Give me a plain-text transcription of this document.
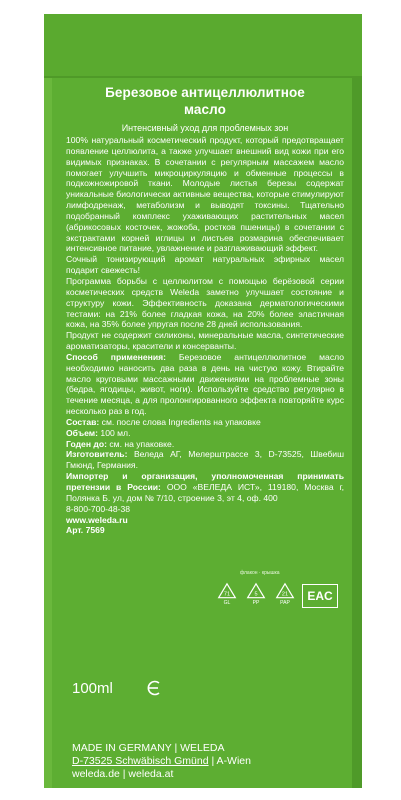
Березовое антицеллюлитное
масло
Интенсивный уход для проблемных зон

100% натуральный косметический продукт, который предотвращает появление целлюлита, а также улучшает внешний вид кожи при его видимых признаках. В сочетании с регулярным массажем масло помогает улучшить микроциркуляцию и обменные процессы в подкожножировой ткани. Молодые листья березы содержат уникальные биологически активные вещества, которые стимулируют лимфодренаж, метаболизм и выводят токсины. Тщательно подобранный комплекс ухаживающих растительных масел (абрикосовых косточек, жожоба, ростков пшеницы) в сочетании с экстрактами корней иглицы и листьев розмарина обеспечивает интенсивное питание, увлажнение и разглаживающий эффект.

Сочный тонизирующий аромат натуральных эфирных масел подарит свежесть!

Программа борьбы с целлюлитом с помощью берёзовой серии косметических средств Weleda заметно улучшает состояние и структуру кожи. Эффективность доказана дерматологическими тестами: на 21% более гладкая кожа, на 20% более эластичная кожа, на 35% более упругая после 28 дней использования.

Продукт не содержит силиконы, минеральные масла, синтетические ароматизаторы, красители и консерванты.

Способ применения: Березовое антицеллюлитное масло необходимо наносить два раза в день на чистую кожу. Втирайте масло круговыми массажными движениями на проблемные зоны (бедра, ягодицы, живот, ноги). Используйте средство регулярно в течение месяца, а для пролонгированного эффекта повторяйте курс несколько раз в год.

Состав: см. после слова Ingredients на упаковке

Объем: 100 мл.

Годен до: см. на упаковке.

Изготовитель: Веледа АГ, Мелерштрассе 3, D-73525, Швебиш Гмюнд, Германия.

Импортер и организация, уполномоченная принимать претензии в России: ООО «ВЕЛЕДА ИСТ», 119180, Москва г, Полянка Б. ул, дом № 7/10, строение 3, эт 4, оф. 400

8-800-700-48-38

www.weleda.ru

Арт. 7569

флакон · крышка
71
GL
5
PP
21
PAP
EAC
100ml
MADE IN GERMANY | WELEDA
D-73525 Schwäbisch Gmünd | A-Wien
weleda.de | weleda.at
